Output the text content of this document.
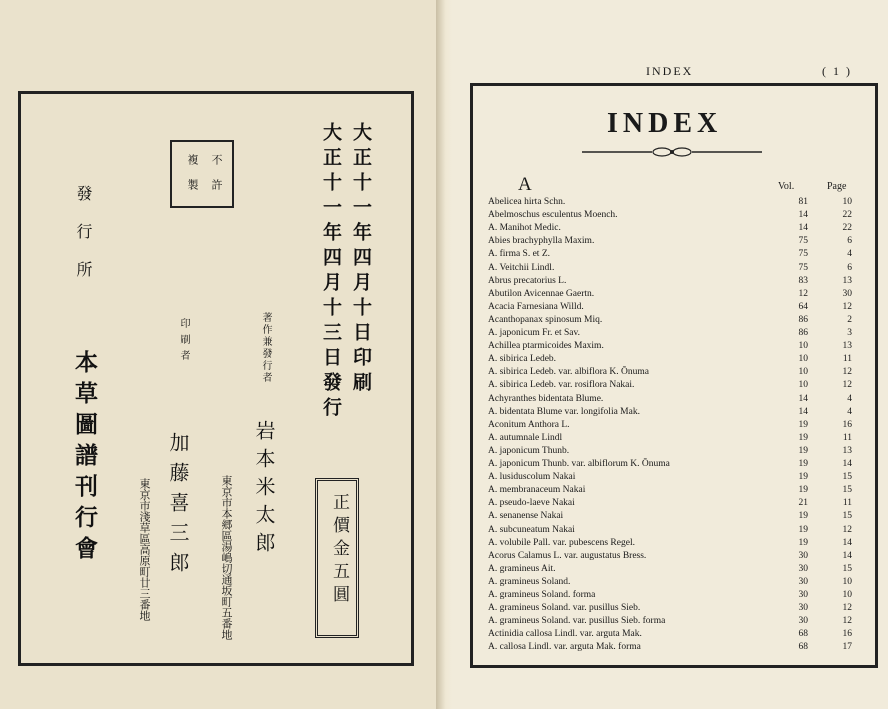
大正十一年四月十日印刷
大正十一年四月十三日發行
不許
複製
發行所
本草圖譜刊行會
著作兼發行者
岩本米太郎
東京市本郷區湯嶋切通坂町五番地
印刷者
加藤喜三郎
東京市淺草區高原町廿三番地	正價金五圓
INDEX	( 1 )
INDEX
A	Vol.	Page
Abelicea hirta Schn.	81	10
Abelmoschus esculentus Moench.	14	22
A. Manihot Medic.	14	22
Abies brachyphylla Maxim.	75	6
A. firma S. et Z.	75	4
A. Veitchii Lindl.	75	6
Abrus precatorius L.	83	13
Abutilon Avicennae Gaertn.	12	30
Acacia Farnesiana Willd.	64	12
Acanthopanax spinosum Miq.	86	2
A. japonicum Fr. et Sav.	86	3
Achillea ptarmicoides Maxim.	10	13
A. sibirica Ledeb.	10	11
A. sibirica Ledeb. var. albiflora K. Ōnuma	10	12
A. sibirica Ledeb. var. rosiflora Nakai.	10	12
Achyranthes bidentata Blume.	14	4
A. bidentata Blume var. longifolia Mak.	14	4
Aconitum Anthora L.	19	16
A. autumnale Lindl	19	11
A. japonicum Thunb.	19	13
A. japonicum Thunb. var. albiflorum K. Ōnuma	19	14
A. lusiduscolum Nakai	19	15
A. membranaceum Nakai	19	15
A. pseudo-laeve Nakai	21	11
A. senanense Nakai	19	15
A. subcuneatum Nakai	19	12
A. volubile Pall. var. pubescens Regel.	19	14
Acorus Calamus L. var. augustatus Bress.	30	14
A. gramineus Ait.	30	15
A. gramineus Soland.	30	10
A. gramineus Soland. forma	30	10
A. gramineus Soland. var. pusillus Sieb.	30	12
A. gramineus Soland. var. pusillus Sieb. forma	30	12
Actinidia callosa Lindl. var. arguta Mak.	68	16
A. callosa Lindl. var. arguta Mak. forma	68	17
